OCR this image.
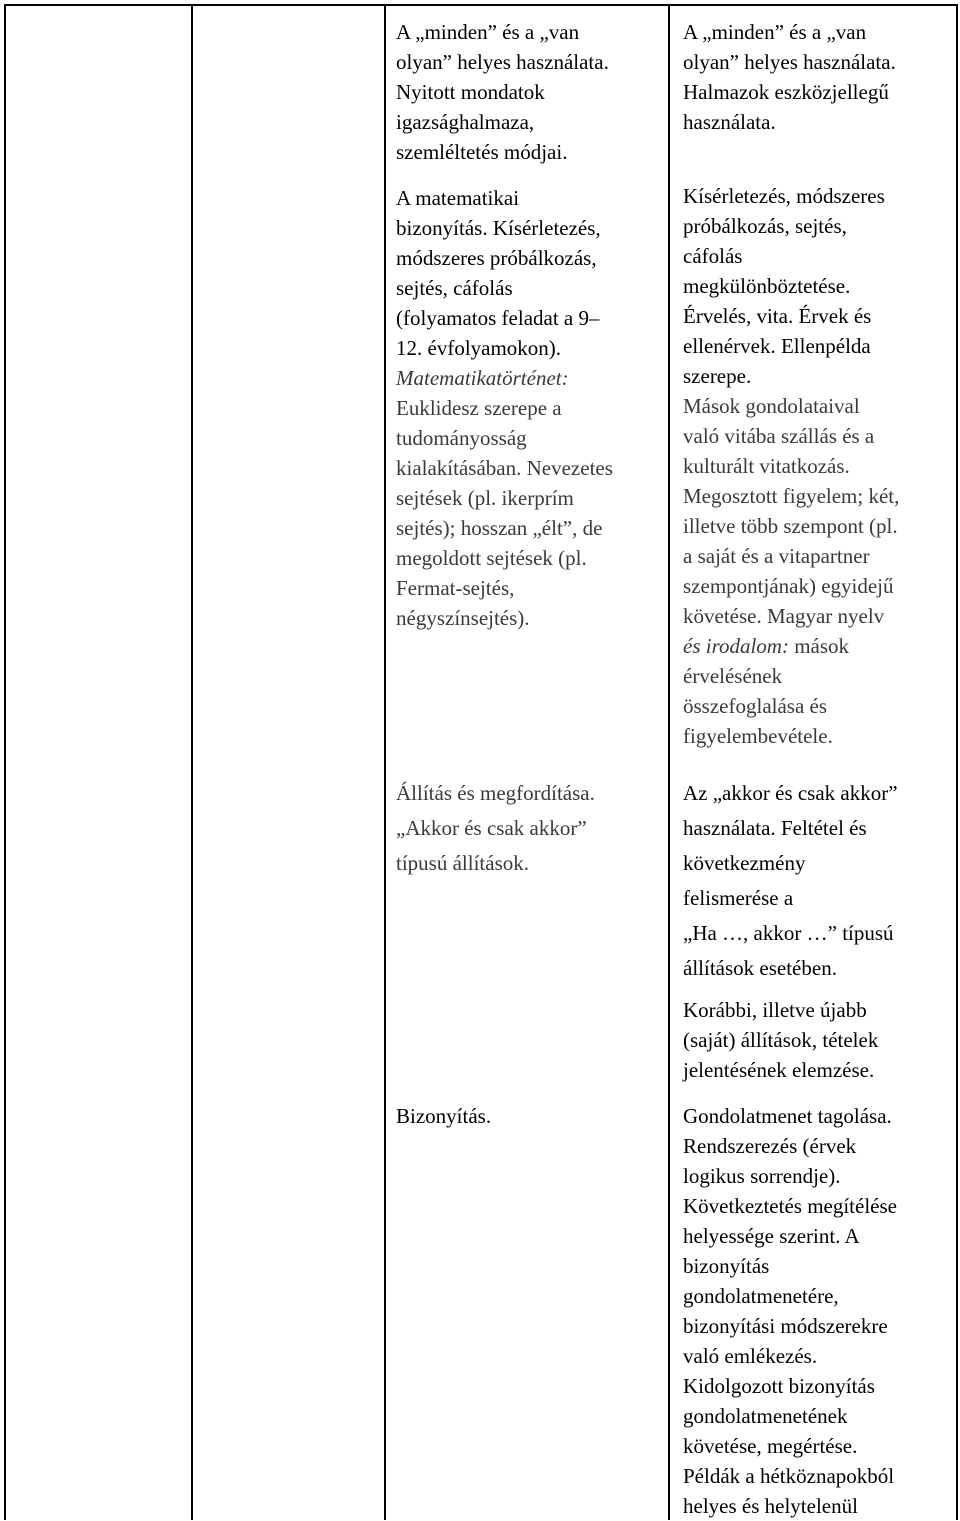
A „minden” és a „van
olyan” helyes használata.
Nyitott mondatok
igazsághalmaza,
szemléltetés módjai.
A matematikai
bizonyítás. Kísérletezés,
módszeres próbálkozás,
sejtés, cáfolás
(folyamatos feladat a 9–
12. évfolyamokon).
Matematikatörténet:
Euklidesz szerepe a
tudományosság
kialakításában. Nevezetes
sejtések (pl. ikerprím
sejtés); hosszan „élt”, de
megoldott sejtések (pl.
Fermat-sejtés,
négyszínsejtés).
Állítás és megfordítása.
„Akkor és csak akkor”
típusú állítások.
Bizonyítás.
A „minden” és a „van
olyan” helyes használata.
Halmazok eszközjellegű
használata.
Kísérletezés, módszeres
próbálkozás, sejtés,
cáfolás
megkülönböztetése.
Érvelés, vita. Érvek és
ellenérvek. Ellenpélda
szerepe.
Mások gondolataival
való vitába szállás és a
kulturált vitatkozás.
Megosztott figyelem; két,
illetve több szempont (pl.
a saját és a vitapartner
szempontjának) egyidejű
követése. Magyar nyelv
és irodalom: mások
érvelésének
összefoglalása és
figyelembevétele.
Az „akkor és csak akkor”
használata. Feltétel és
következmény
felismerése a
„Ha …, akkor …” típusú
állítások esetében.
Korábbi, illetve újabb
(saját) állítások, tételek
jelentésének elemzése.
Gondolatmenet tagolása.
Rendszerezés (érvek
logikus sorrendje).
Következtetés megítélése
helyessége szerint. A
bizonyítás
gondolatmenetére,
bizonyítási módszerekre
való emlékezés.
Kidolgozott bizonyítás
gondolatmenetének
követése, megértése.
Példák a hétköznapokból
helyes és helytelenül
